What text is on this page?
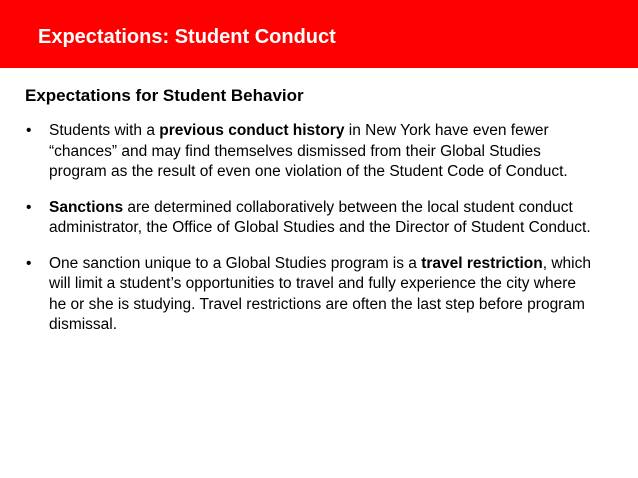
Expectations: Student Conduct
Expectations for Student Behavior
• Students with a previous conduct history in New York have even fewer “chances” and may find themselves dismissed from their Global Studies program as the result of even one violation of the Student Code of Conduct.
• Sanctions are determined collaboratively between the local student conduct administrator, the Office of Global Studies and the Director of Student Conduct.
• One sanction unique to a Global Studies program is a travel restriction, which will limit a student’s opportunities to travel and fully experience the city where he or she is studying. Travel restrictions are often the last step before program dismissal.
